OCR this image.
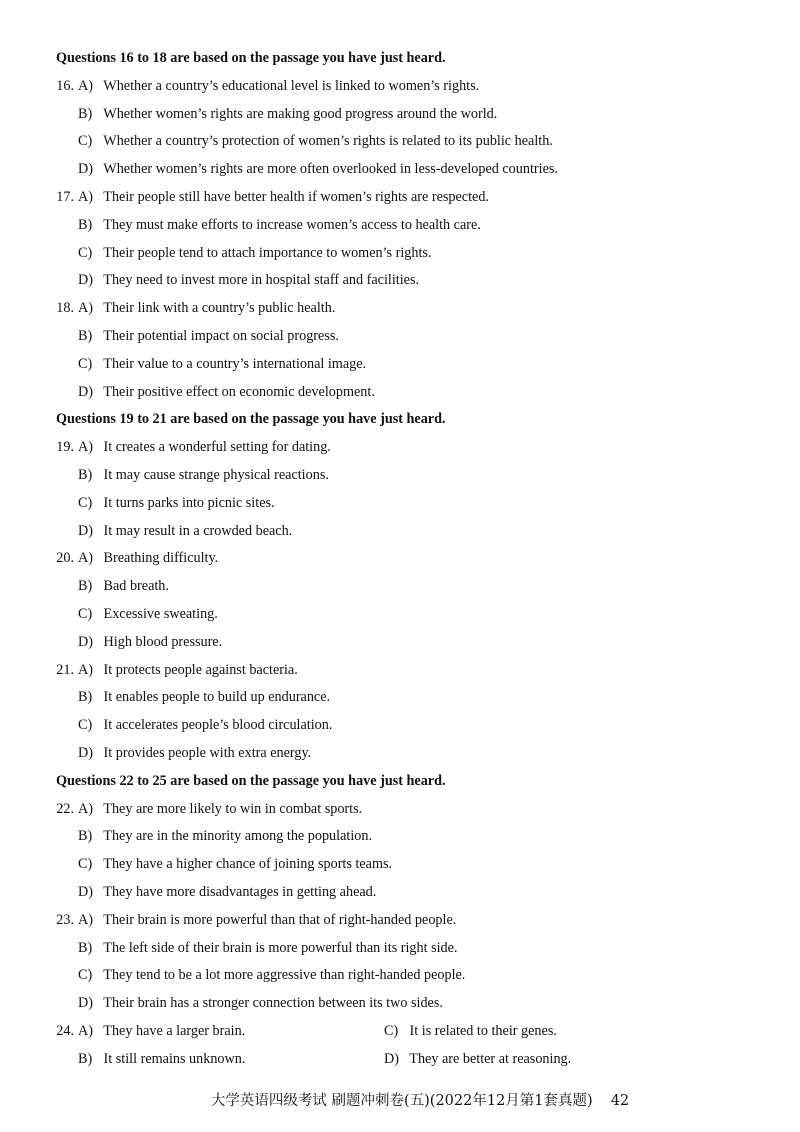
Questions 16 to 18 are based on the passage you have just heard.
16. A) Whether a country’s educational level is linked to women’s rights.
B) Whether women’s rights are making good progress around the world.
C) Whether a country’s protection of women’s rights is related to its public health.
D) Whether women’s rights are more often overlooked in less-developed countries.
17. A) Their people still have better health if women’s rights are respected.
B) They must make efforts to increase women’s access to health care.
C) Their people tend to attach importance to women’s rights.
D) They need to invest more in hospital staff and facilities.
18. A) Their link with a country’s public health.
B) Their potential impact on social progress.
C) Their value to a country’s international image.
D) Their positive effect on economic development.
Questions 19 to 21 are based on the passage you have just heard.
19. A) It creates a wonderful setting for dating.
B) It may cause strange physical reactions.
C) It turns parks into picnic sites.
D) It may result in a crowded beach.
20. A) Breathing difficulty.
B) Bad breath.
C) Excessive sweating.
D) High blood pressure.
21. A) It protects people against bacteria.
B) It enables people to build up endurance.
C) It accelerates people’s blood circulation.
D) It provides people with extra energy.
Questions 22 to 25 are based on the passage you have just heard.
22. A) They are more likely to win in combat sports.
B) They are in the minority among the population.
C) They have a higher chance of joining sports teams.
D) They have more disadvantages in getting ahead.
23. A) Their brain is more powerful than that of right-handed people.
B) The left side of their brain is more powerful than its right side.
C) They tend to be a lot more aggressive than right-handed people.
D) Their brain has a stronger connection between its two sides.
24. A) They have a larger brain.	C) It is related to their genes.
B) It still remains unknown.	D) They are better at reasoning.
大学英语四级考试 刷题冲刺卷(五)(2022年12月第1套真题) 42
